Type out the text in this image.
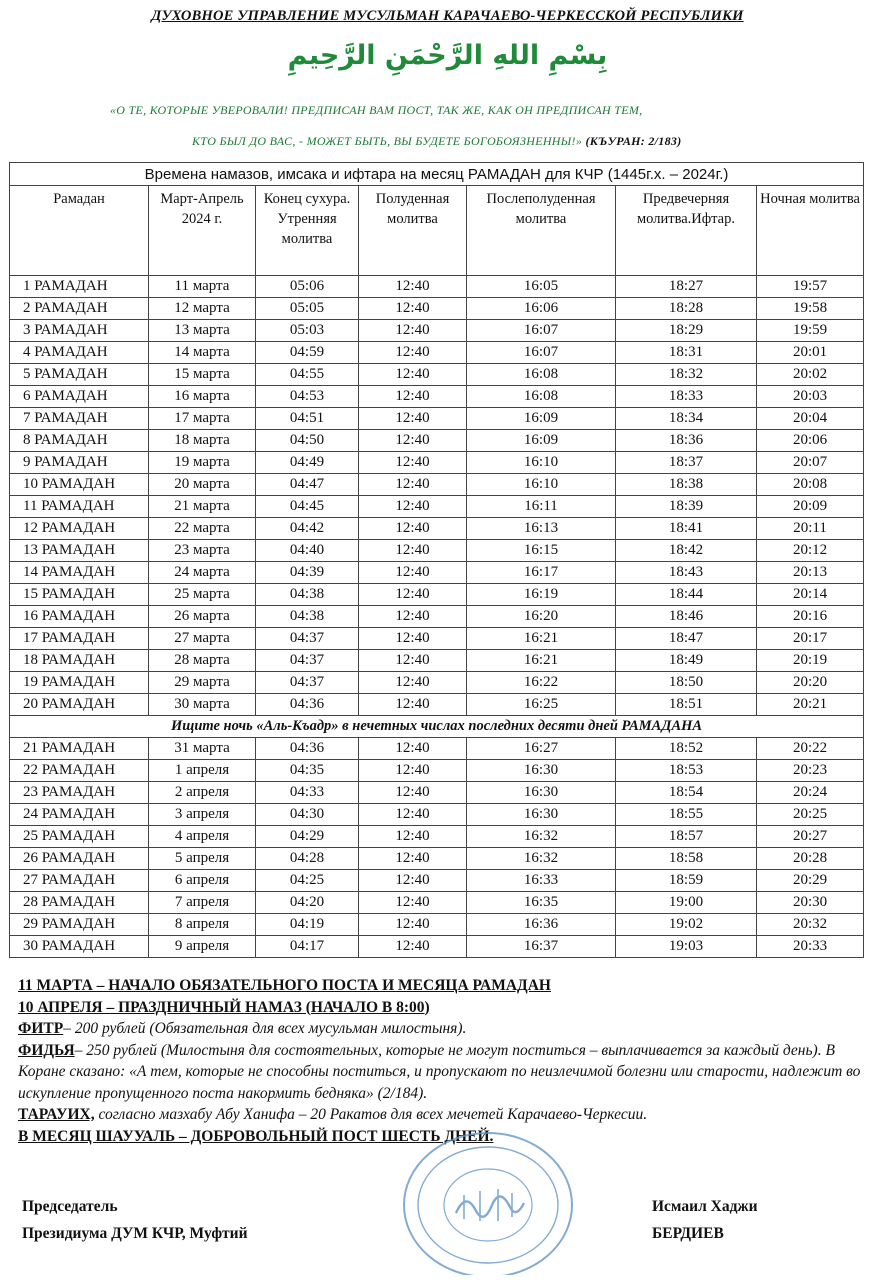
ДУХОВНОЕ УПРАВЛЕНИЕ МУСУЛЬМАН КАРАЧАЕВО-ЧЕРКЕССКОЙ РЕСПУБЛИКИ
بِسْمِ اللهِ الرَّحْمَنِ الرَّحِيمِ
«О ТЕ, КОТОРЫЕ УВЕРОВАЛИ! ПРЕДПИСАН ВАМ ПОСТ, ТАК ЖЕ, КАК ОН ПРЕДПИСАН ТЕМ,
КТО БЫЛ ДО ВАС, - МОЖЕТ БЫТЬ, ВЫ БУДЕТЕ БОГОБОЯЗНЕННЫ!» (КЪУРАН: 2/183)
Времена намазов, имсака и ифтара на месяц РАМАДАН для КЧР (1445г.х. – 2024г.)						
Рамадан	Март-Апрель 2024 г.	Конец сухура. Утренняя молитва	Полуденная молитва	Послеполуденная молитва	Предвечерняя молитва.Ифтар.	Ночная молитва
1 РАМАДАН	11 марта	05:06	12:40	16:05	18:27	19:57
2 РАМАДАН	12 марта	05:05	12:40	16:06	18:28	19:58
3 РАМАДАН	13 марта	05:03	12:40	16:07	18:29	19:59
4 РАМАДАН	14 марта	04:59	12:40	16:07	18:31	20:01
5 РАМАДАН	15 марта	04:55	12:40	16:08	18:32	20:02
6 РАМАДАН	16 марта	04:53	12:40	16:08	18:33	20:03
7 РАМАДАН	17 марта	04:51	12:40	16:09	18:34	20:04
8 РАМАДАН	18 марта	04:50	12:40	16:09	18:36	20:06
9 РАМАДАН	19 марта	04:49	12:40	16:10	18:37	20:07
10 РАМАДАН	20 марта	04:47	12:40	16:10	18:38	20:08
11 РАМАДАН	21 марта	04:45	12:40	16:11	18:39	20:09
12 РАМАДАН	22 марта	04:42	12:40	16:13	18:41	20:11
13 РАМАДАН	23 марта	04:40	12:40	16:15	18:42	20:12
14 РАМАДАН	24 марта	04:39	12:40	16:17	18:43	20:13
15 РАМАДАН	25 марта	04:38	12:40	16:19	18:44	20:14
16 РАМАДАН	26 марта	04:38	12:40	16:20	18:46	20:16
17 РАМАДАН	27 марта	04:37	12:40	16:21	18:47	20:17
18 РАМАДАН	28 марта	04:37	12:40	16:21	18:49	20:19
19 РАМАДАН	29 марта	04:37	12:40	16:22	18:50	20:20
20 РАМАДАН	30 марта	04:36	12:40	16:25	18:51	20:21
Ищите ночь «Аль-Къадр» в нечетных числах последних десяти дней РАМАДАНА						
21 РАМАДАН	31 марта	04:36	12:40	16:27	18:52	20:22
22 РАМАДАН	1 апреля	04:35	12:40	16:30	18:53	20:23
23 РАМАДАН	2 апреля	04:33	12:40	16:30	18:54	20:24
24 РАМАДАН	3 апреля	04:30	12:40	16:30	18:55	20:25
25 РАМАДАН	4 апреля	04:29	12:40	16:32	18:57	20:27
26 РАМАДАН	5 апреля	04:28	12:40	16:32	18:58	20:28
27 РАМАДАН	6 апреля	04:25	12:40	16:33	18:59	20:29
28 РАМАДАН	7 апреля	04:20	12:40	16:35	19:00	20:30
29 РАМАДАН	8 апреля	04:19	12:40	16:36	19:02	20:32
30 РАМАДАН	9 апреля	04:17	12:40	16:37	19:03	20:33
11 МАРТА – НАЧАЛО ОБЯЗАТЕЛЬНОГО ПОСТА И МЕСЯЦА РАМАДАН
10 АПРЕЛЯ – ПРАЗДНИЧНЫЙ НАМАЗ (НАЧАЛО В 8:00)
ФИТР– 200 рублей (Обязательная для всех мусульман милостыня).
ФИДЬЯ– 250 рублей (Милостыня для состоятельных, которые не могут поститься – выплачивается за каждый день). В Коране сказано: «А тем, которые не способны поститься, и пропускают по неизлечимой болезни или старости, надлежит во искупление пропущенного поста накормить бедняка» (2/184).
ТАРАУИХ, согласно мазхабу Абу Ханифа – 20 Ракатов для всех мечетей Карачаево-Черкесии.
В МЕСЯЦ ШАУУАЛЬ – ДОБРОВОЛЬНЫЙ ПОСТ ШЕСТЬ ДНЕЙ.
Председатель
Президиума ДУМ КЧР, Муфтий
Исмаил Хаджи
БЕРДИЕВ
